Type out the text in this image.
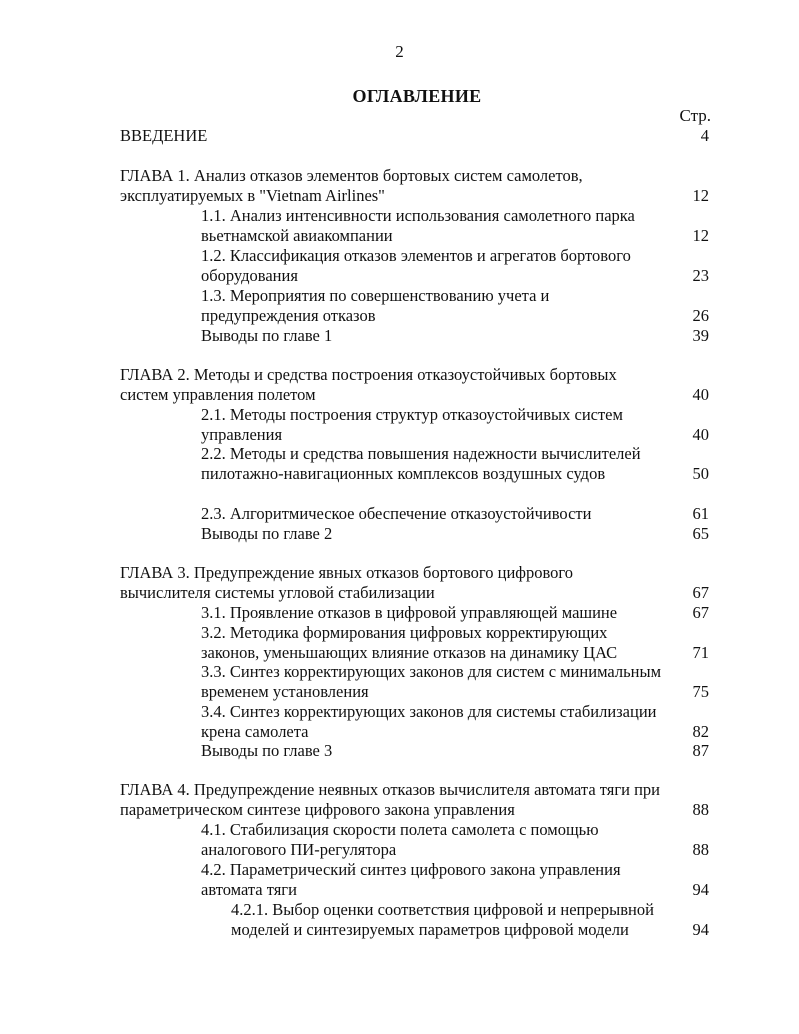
2
ОГЛАВЛЕНИЕ
Стр.
ВВЕДЕНИЕ	4
ГЛАВА 1. Анализ отказов элементов бортовых систем самолетов, эксплуатируемых в "Vietnam Airlines"	12
1.1. Анализ интенсивности использования самолетного парка вьетнамской авиакомпании	12
1.2. Классификация отказов элементов и агрегатов бортового оборудования	23
1.3. Мероприятия по совершенствованию учета и предупреждения отказов	26
Выводы по главе 1	39
ГЛАВА 2. Методы и средства построения отказоустойчивых бортовых систем управления полетом	40
2.1. Методы построения структур отказоустойчивых систем управления	40
2.2. Методы и средства повышения надежности вычислителей пилотажно-навигационных комплексов воздушных судов	50
2.3. Алгоритмическое обеспечение отказоустойчивости	61
Выводы по главе 2	65
ГЛАВА 3. Предупреждение явных отказов бортового цифрового вычислителя системы угловой стабилизации	67
3.1. Проявление отказов в цифровой управляющей машине	67
3.2. Методика формирования цифровых корректирующих законов, уменьшающих влияние отказов на динамику ЦАС	71
3.3. Синтез корректирующих законов для систем с минимальным временем установления	75
3.4. Синтез корректирующих законов для системы стабилизации крена самолета	82
Выводы по главе 3	87
ГЛАВА 4. Предупреждение неявных отказов вычислителя автомата тяги при параметрическом синтезе цифрового закона управления	88
4.1. Стабилизация скорости полета самолета с помощью аналогового ПИ-регулятора	88
4.2. Параметрический синтез цифрового закона управления автомата тяги	94
4.2.1. Выбор оценки соответствия цифровой и непрерывной моделей и синтезируемых параметров цифровой модели	94
